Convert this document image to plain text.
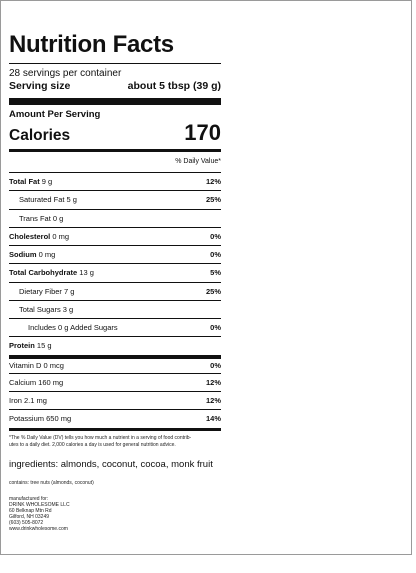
Nutrition Facts
28 servings per container
Serving size	about 5 tbsp (39 g)
Amount Per Serving
Calories	170
% Daily Value*
Total Fat 9 g	12%
Saturated Fat 5 g	25%
Trans Fat 0 g
Cholesterol 0 mg	0%
Sodium 0 mg	0%
Total Carbohydrate 13 g	5%
Dietary Fiber 7 g	25%
Total Sugars 3 g
Includes 0 g Added Sugars	0%
Protein 15 g
Vitamin D 0 mcg	0%
Calcium 160 mg	12%
Iron 2.1 mg	12%
Potassium 650 mg	14%
*The % Daily Value (DV) tells you how much a nutrient in a serving of food contrib-
utes to a daily diet. 2,000 calories a day is used for general nutrition advice.
ingredients: almonds, coconut, cocoa, monk fruit
contains: tree nuts (almonds, coconut)
manufactured for:
DRINK WHOLESOME LLC
60 Belknap Mtn Rd
Gilford, NH 03249
(603) 505-8072
www.drinkwholesome.com
